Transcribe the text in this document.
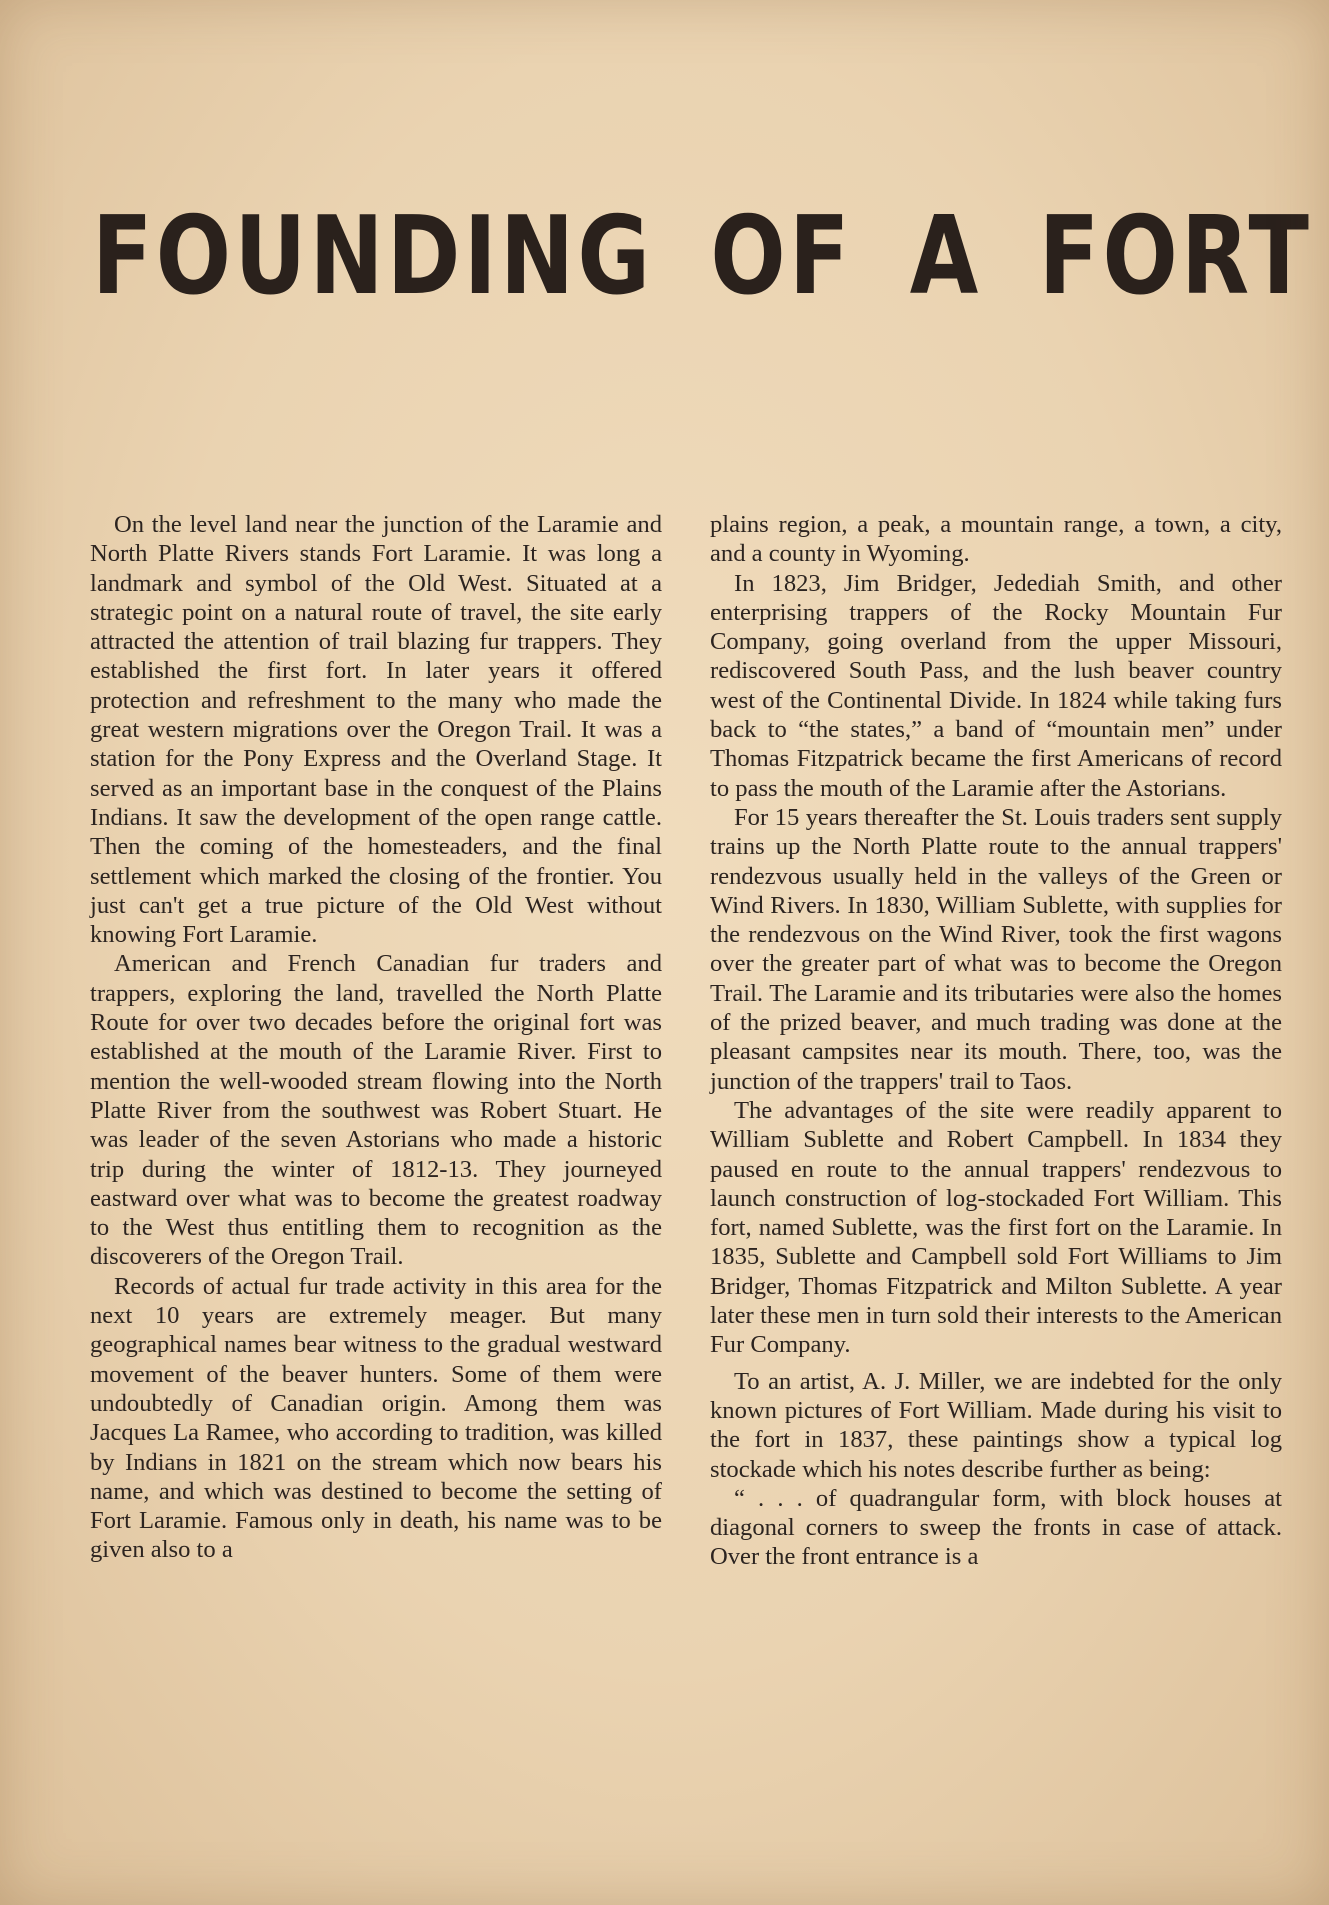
FOUNDING OF A FORT

On the level land near the junction of the Laramie and North Platte Rivers stands Fort Laramie. It was long a landmark and symbol of the Old West. Situated at a strategic point on a natural route of travel, the site early attracted the attention of trail blazing fur trappers. They established the first fort. In later years it offered protection and refreshment to the many who made the great western migrations over the Oregon Trail. It was a station for the Pony Express and the Overland Stage. It served as an important base in the conquest of the Plains Indians. It saw the development of the open range cattle. Then the coming of the homesteaders, and the final settlement which marked the closing of the frontier. You just can't get a true picture of the Old West without knowing Fort Laramie.

American and French Canadian fur traders and trappers, exploring the land, travelled the North Platte Route for over two decades before the original fort was established at the mouth of the Laramie River. First to mention the well-wooded stream flowing into the North Platte River from the southwest was Robert Stuart. He was leader of the seven Astorians who made a historic trip during the winter of 1812-13. They journeyed eastward over what was to become the greatest roadway to the West thus entitling them to recognition as the discoverers of the Oregon Trail.

Records of actual fur trade activity in this area for the next 10 years are extremely meager. But many geographical names bear witness to the gradual westward movement of the beaver hunters. Some of them were undoubtedly of Canadian origin. Among them was Jacques La Ramee, who according to tradition, was killed by Indians in 1821 on the stream which now bears his name, and which was destined to become the setting of Fort Laramie. Famous only in death, his name was to be given also to a

plains region, a peak, a mountain range, a town, a city, and a county in Wyoming.

In 1823, Jim Bridger, Jedediah Smith, and other enterprising trappers of the Rocky Mountain Fur Company, going overland from the upper Missouri, rediscovered South Pass, and the lush beaver country west of the Continental Divide. In 1824 while taking furs back to “the states,” a band of “mountain men” under Thomas Fitzpatrick became the first Americans of record to pass the mouth of the Laramie after the Astorians.

For 15 years thereafter the St. Louis traders sent supply trains up the North Platte route to the annual trappers' rendezvous usually held in the valleys of the Green or Wind Rivers. In 1830, William Sublette, with supplies for the rendezvous on the Wind River, took the first wagons over the greater part of what was to become the Oregon Trail. The Laramie and its tributaries were also the homes of the prized beaver, and much trading was done at the pleasant campsites near its mouth. There, too, was the junction of the trappers' trail to Taos.

The advantages of the site were readily apparent to William Sublette and Robert Campbell. In 1834 they paused en route to the annual trappers' rendezvous to launch construction of log-stockaded Fort William. This fort, named Sublette, was the first fort on the Laramie. In 1835, Sublette and Campbell sold Fort Williams to Jim Bridger, Thomas Fitzpatrick and Milton Sublette. A year later these men in turn sold their interests to the American Fur Company.

To an artist, A. J. Miller, we are indebted for the only known pictures of Fort William. Made during his visit to the fort in 1837, these paintings show a typical log stockade which his notes describe further as being:

“ . . . of quadrangular form, with block houses at diagonal corners to sweep the fronts in case of attack. Over the front entrance is a
